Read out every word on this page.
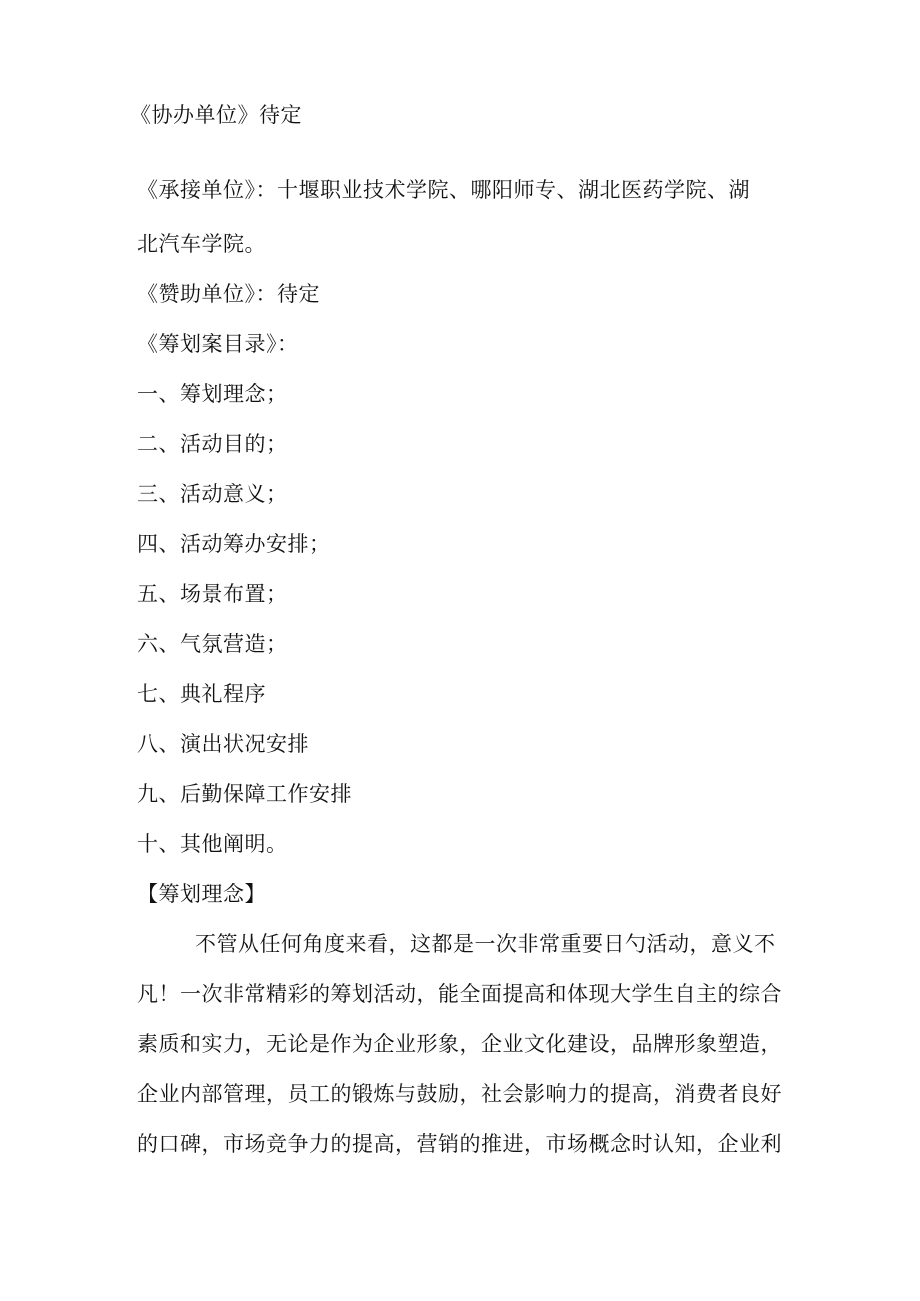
《协办单位》待定
《承接单位》：十堰职业技术学院、哪阳师专、湖北医药学院、湖
北汽车学院。
《赞助单位》：待定
《筹划案目录》：
一、筹划理念；
二、活动目的；
三、活动意义；
四、活动筹办安排；
五、场景布置；
六、气氛营造；
七、典礼程序
八、演出状况安排
九、后勤保障工作安排
十、其他阐明。
【筹划理念】
不管从任何角度来看，这都是一次非常重要日勺活动，意义不
凡！一次非常精彩的筹划活动，能全面提高和体现大学生自主的综合
素质和实力，无论是作为企业形象，企业文化建设，品牌形象塑造，
企业内部管理，员工的锻炼与鼓励，社会影响力的提高，消费者良好
的口碑，市场竞争力的提高，营销的推进，市场概念时认知，企业利
